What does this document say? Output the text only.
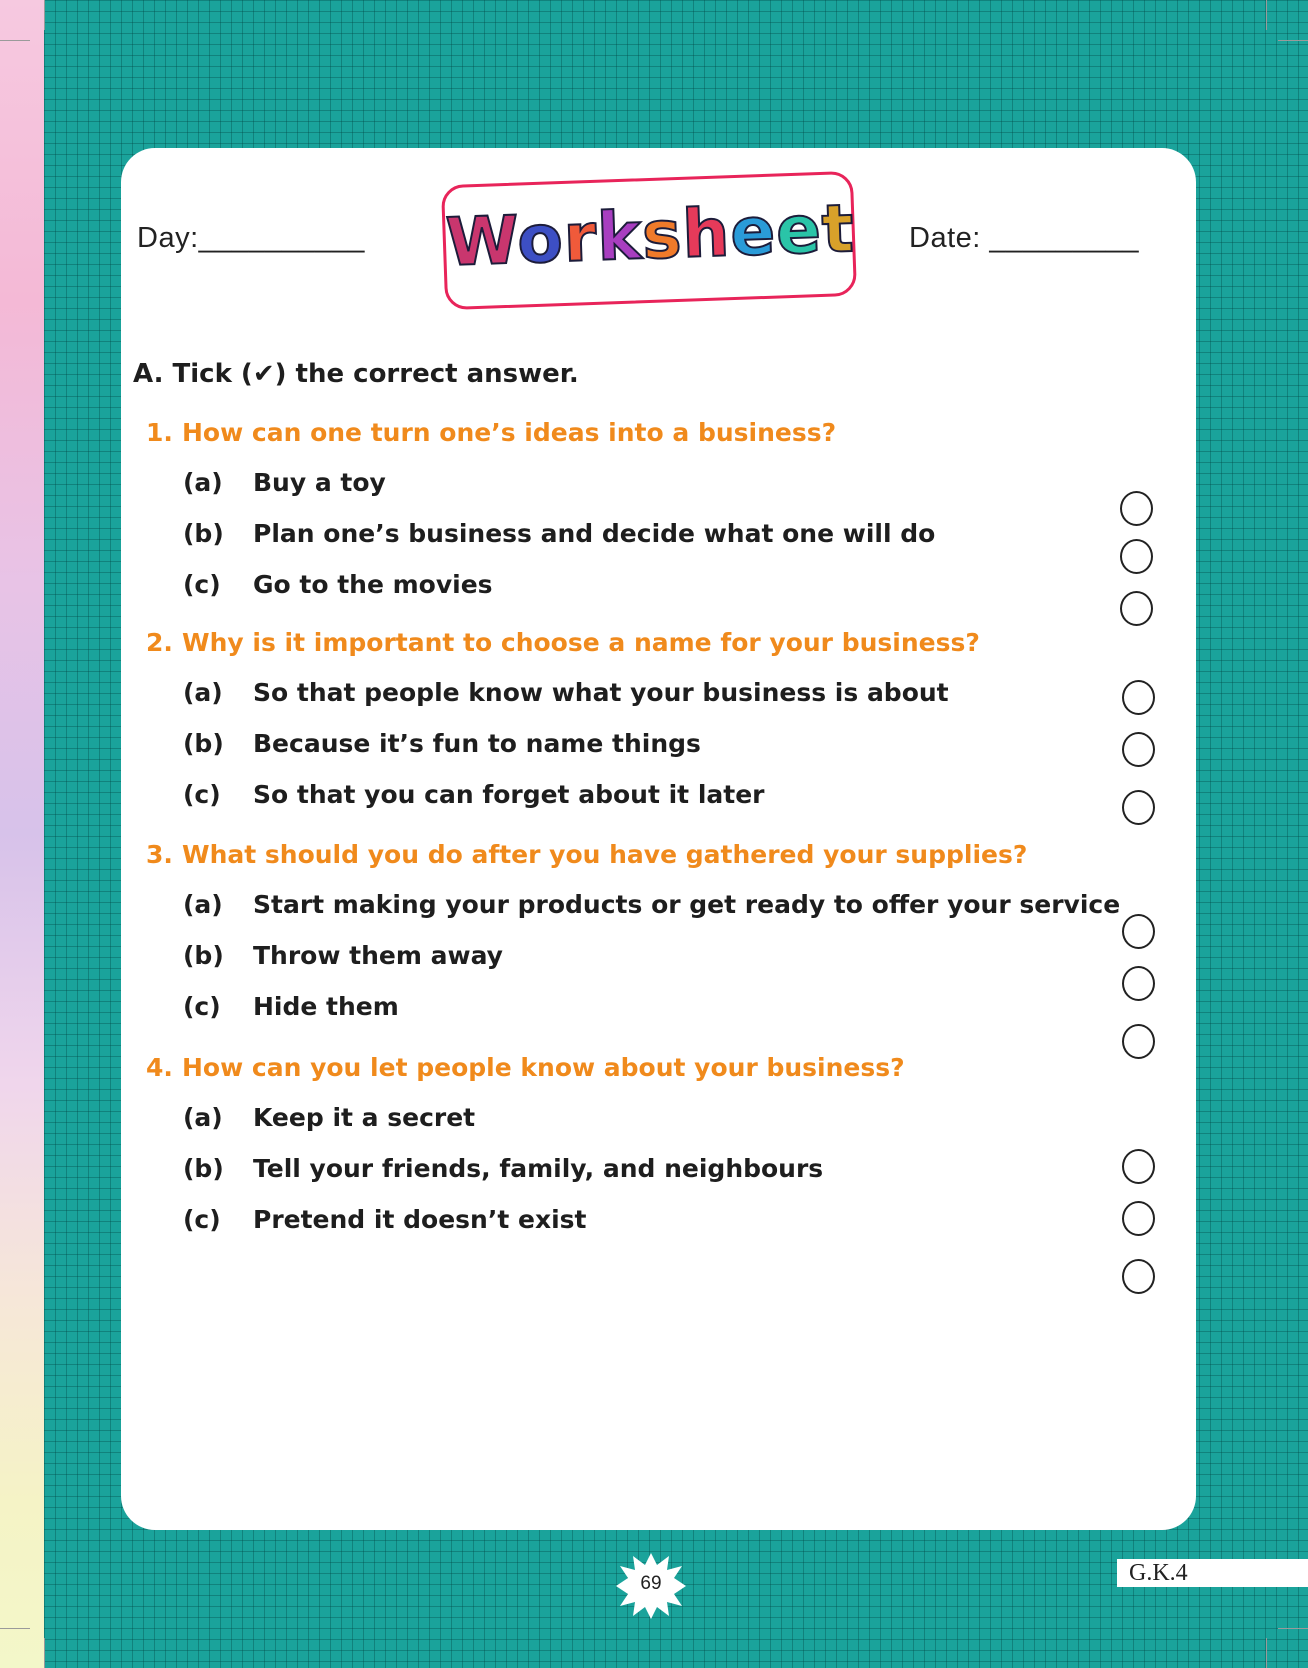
Day:__________	Date: _________
Worksheet
A. Tick (✔) the correct answer.
1. How can one turn one’s ideas into a business?
(a) Buy a toy
(b) Plan one’s business and decide what one will do
(c) Go to the movies
2. Why is it important to choose a name for your business?
(a) So that people know what your business is about
(b) Because it’s fun to name things
(c) So that you can forget about it later
3. What should you do after you have gathered your supplies?
(a) Start making your products or get ready to offer your service
(b) Throw them away
(c) Hide them
4. How can you let people know about your business?
(a) Keep it a secret
(b) Tell your friends, family, and neighbours
(c) Pretend it doesn’t exist
69	G.K.4
